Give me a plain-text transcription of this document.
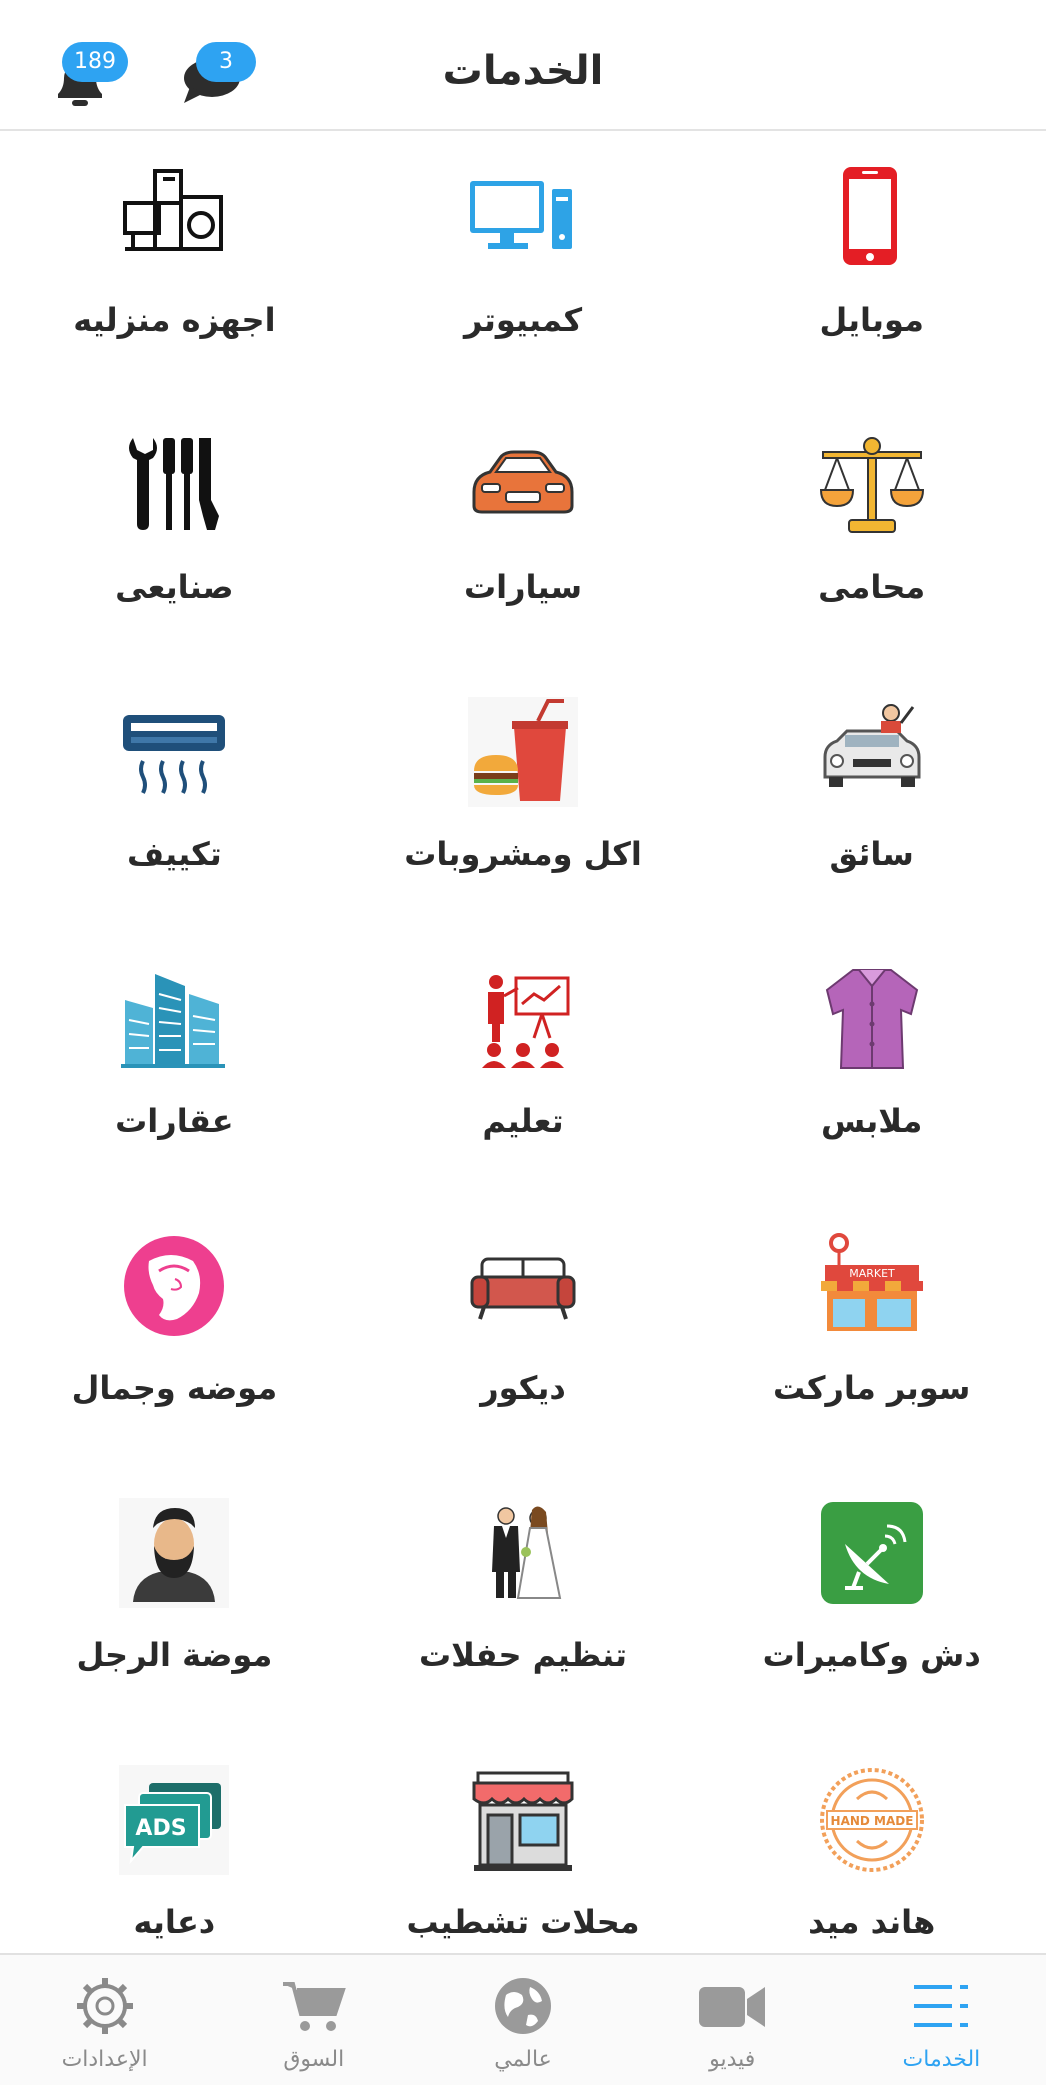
الخدمات
189	3
موبايل
كمبيوتر
اجهزه منزليه
محامى
سيارات
صنايعى
سائق
اكل ومشروبات
تكييف
ملابس
تعليم
عقارات
MARKET
سوبر ماركت
ديكور
موضه وجمال
دش وكاميرات
تنظيم حفلات
موضة الرجل
HAND MADE
هاند ميد
محلات تشطيب
ADS
دعايه
الإعدادات	السوق	عالمي	فيديو	الخدمات
